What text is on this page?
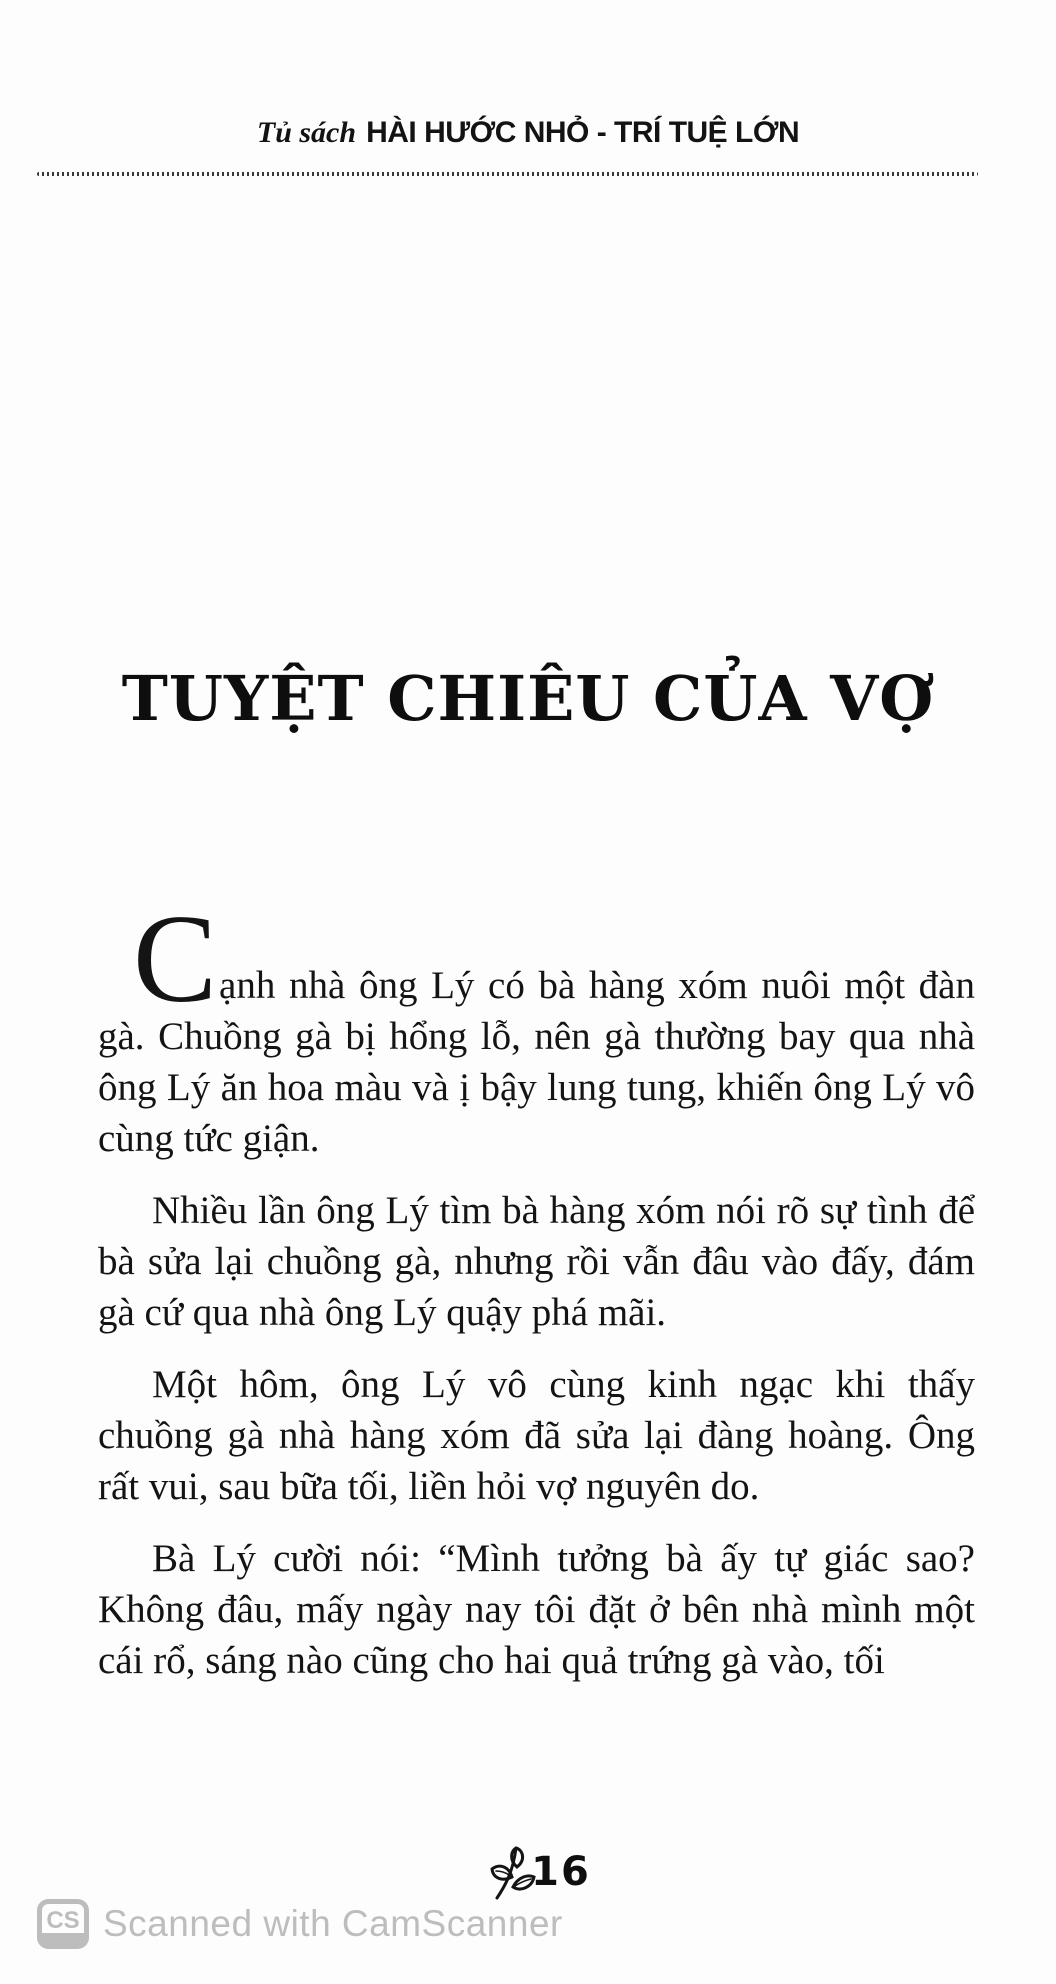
Tủ sách HÀI HƯỚC NHỎ - TRÍ TUỆ LỚN
TUYỆT CHIÊU CỦA VỢ

Cạnh nhà ông Lý có bà hàng xóm nuôi một đàn gà. Chuồng gà bị hổng lỗ, nên gà thường bay qua nhà ông Lý ăn hoa màu và ị bậy lung tung, khiến ông Lý vô cùng tức giận.

Nhiều lần ông Lý tìm bà hàng xóm nói rõ sự tình để bà sửa lại chuồng gà, nhưng rồi vẫn đâu vào đấy, đám gà cứ qua nhà ông Lý quậy phá mãi.

Một hôm, ông Lý vô cùng kinh ngạc khi thấy chuồng gà nhà hàng xóm đã sửa lại đàng hoàng. Ông rất vui, sau bữa tối, liền hỏi vợ nguyên do.

Bà Lý cười nói: “Mình tưởng bà ấy tự giác sao? Không đâu, mấy ngày nay tôi đặt ở bên nhà mình một cái rổ, sáng nào cũng cho hai quả trứng gà vào, tối

16
CS Scanned with CamScanner
